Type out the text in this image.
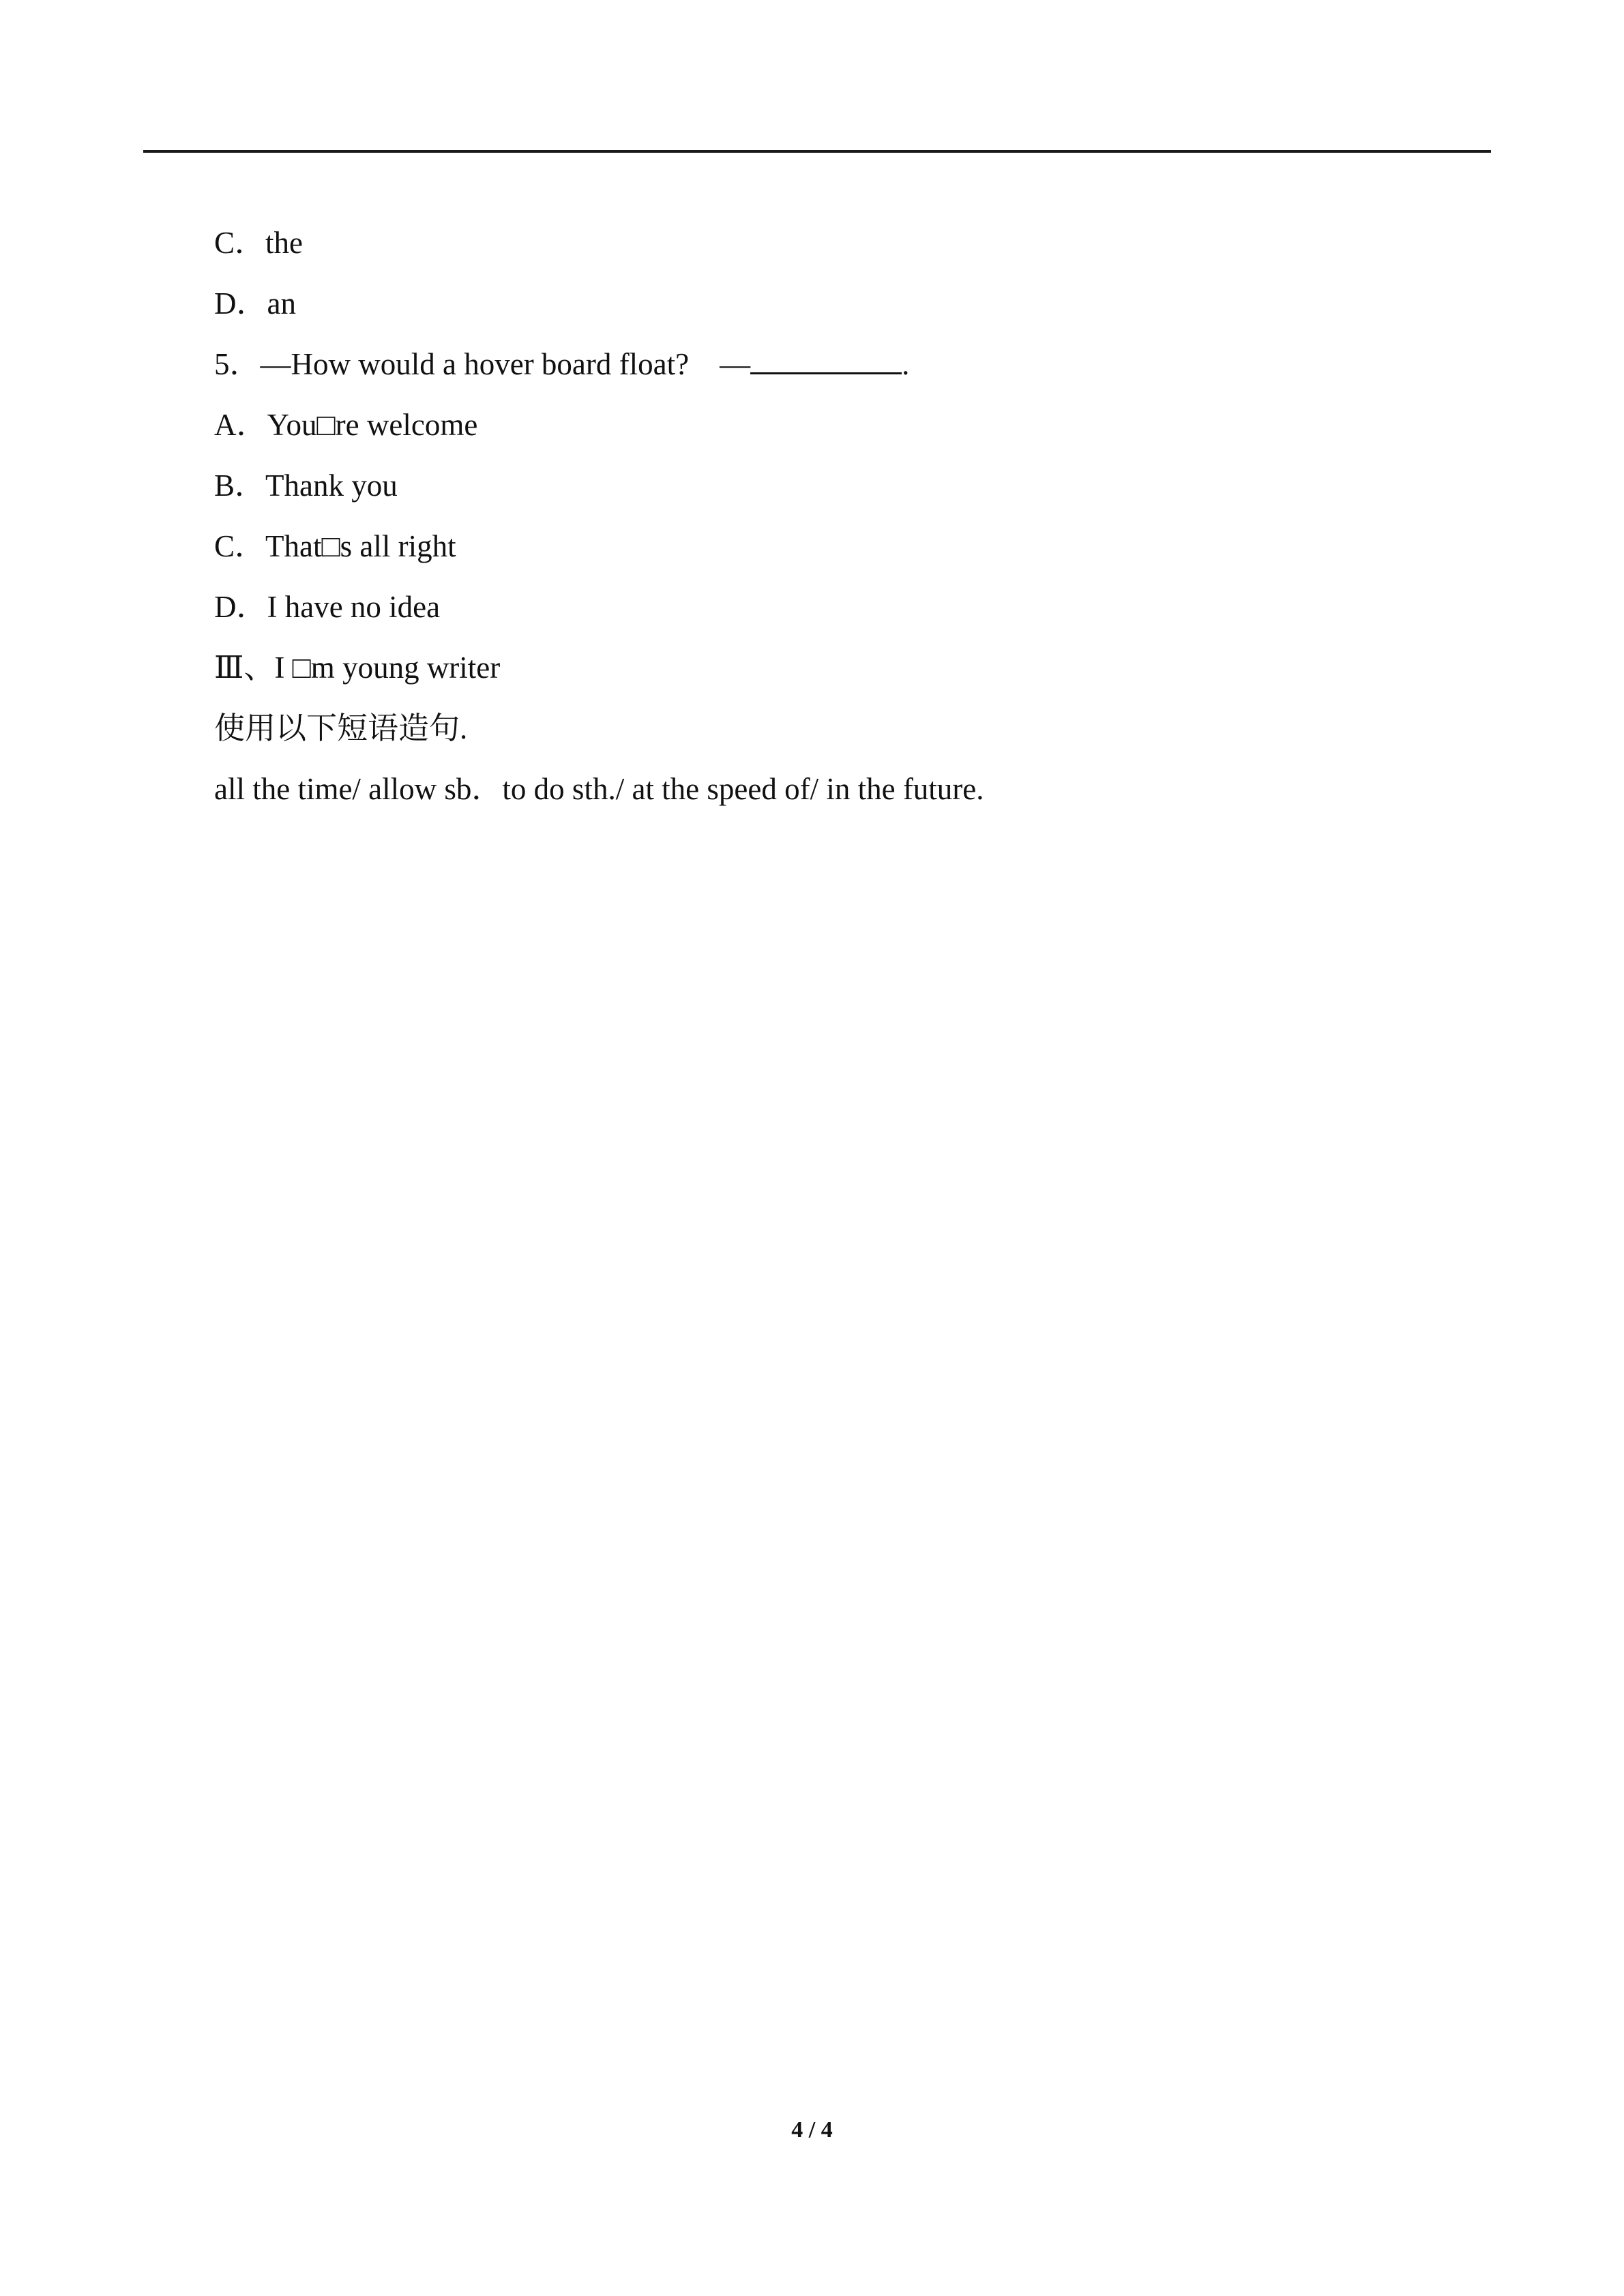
C．the
D．an
5．—How would a hover board float?　—	.
A．You□re welcome
B．Thank you
C．That□s all right
D．I have no idea
Ⅲ、I □m young writer
使用以下短语造句.
all the time/ allow sb．to do sth./ at the speed of/ in the future.
4 / 4
